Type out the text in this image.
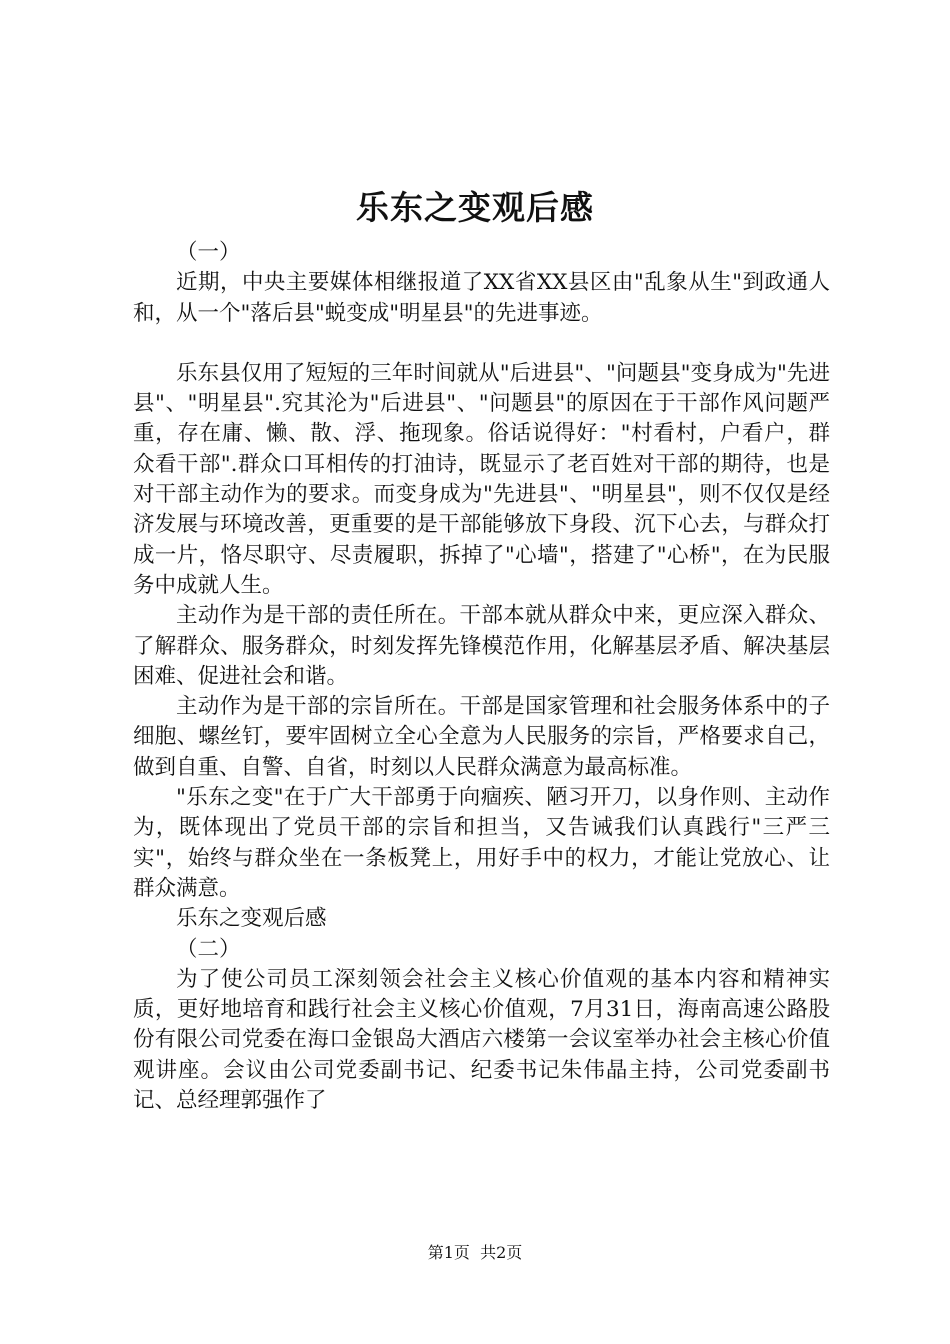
乐东之变观后感

（一）

近期，中央主要媒体相继报道了XX省XX县区由"乱象从生"到政通人和，从一个"落后县"蜕变成"明星县"的先进事迹。

乐东县仅用了短短的三年时间就从"后进县"、"问题县"变身成为"先进县"、"明星县".究其沦为"后进县"、"问题县"的原因在于干部作风问题严重，存在庸、懒、散、浮、拖现象。俗话说得好："村看村，户看户，群众看干部".群众口耳相传的打油诗，既显示了老百姓对干部的期待，也是对干部主动作为的要求。而变身成为"先进县"、"明星县"，则不仅仅是经济发展与环境改善，更重要的是干部能够放下身段、沉下心去，与群众打成一片，恪尽职守、尽责履职，拆掉了"心墙"，搭建了"心桥"，在为民服务中成就人生。

主动作为是干部的责任所在。干部本就从群众中来，更应深入群众、了解群众、服务群众，时刻发挥先锋模范作用，化解基层矛盾、解决基层困难、促进社会和谐。

主动作为是干部的宗旨所在。干部是国家管理和社会服务体系中的子细胞、螺丝钉，要牢固树立全心全意为人民服务的宗旨，严格要求自己，做到自重、自警、自省，时刻以人民群众满意为最高标准。

"乐东之变"在于广大干部勇于向痼疾、陋习开刀，以身作则、主动作为，既体现出了党员干部的宗旨和担当，又告诫我们认真践行"三严三实"，始终与群众坐在一条板凳上，用好手中的权力，才能让党放心、让群众满意。

乐东之变观后感

（二）

为了使公司员工深刻领会社会主义核心价值观的基本内容和精神实质，更好地培育和践行社会主义核心价值观，7月31日，海南高速公路股份有限公司党委在海口金银岛大酒店六楼第一会议室举办社会主核心价值观讲座。会议由公司党委副书记、纪委书记朱伟晶主持，公司党委副书记、总经理郭强作了

第1页 共2页
